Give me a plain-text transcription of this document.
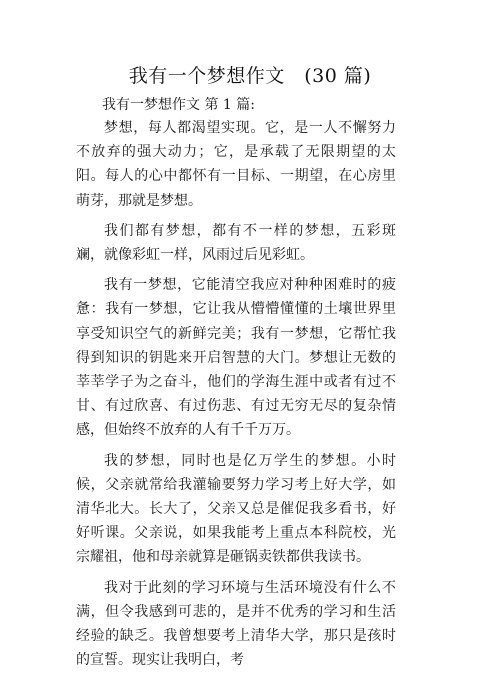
我有一个梦想作文　(30 篇)
我有一梦想作文 第 1 篇:

梦想，每人都渴望实现。它，是一人不懈努力不放弃的强大动力；它，是承载了无限期望的太阳。每人的心中都怀有一目标、一期望，在心房里萌芽，那就是梦想。

我们都有梦想，都有不一样的梦想，五彩斑斓，就像彩虹一样，风雨过后见彩虹。

我有一梦想，它能清空我应对种种困难时的疲惫：我有一梦想，它让我从懵懵懂懂的土壤世界里享受知识空气的新鲜完美；我有一梦想，它帮忙我得到知识的钥匙来开启智慧的大门。梦想让无数的莘莘学子为之奋斗，他们的学海生涯中或者有过不甘、有过欣喜、有过伤悲、有过无穷无尽的复杂情感，但始终不放弃的人有千千万万。

我的梦想，同时也是亿万学生的梦想。小时候，父亲就常给我灌输要努力学习考上好大学，如清华北大。长大了，父亲又总是催促我多看书，好好听课。父亲说，如果我能考上重点本科院校，光宗耀祖，他和母亲就算是砸锅卖铁都供我读书。

我对于此刻的学习环境与生活环境没有什么不满，但令我感到可悲的，是并不优秀的学习和生活经验的缺乏。我曾想要考上清华大学，那只是孩时的宣誓。现实让我明白，考
